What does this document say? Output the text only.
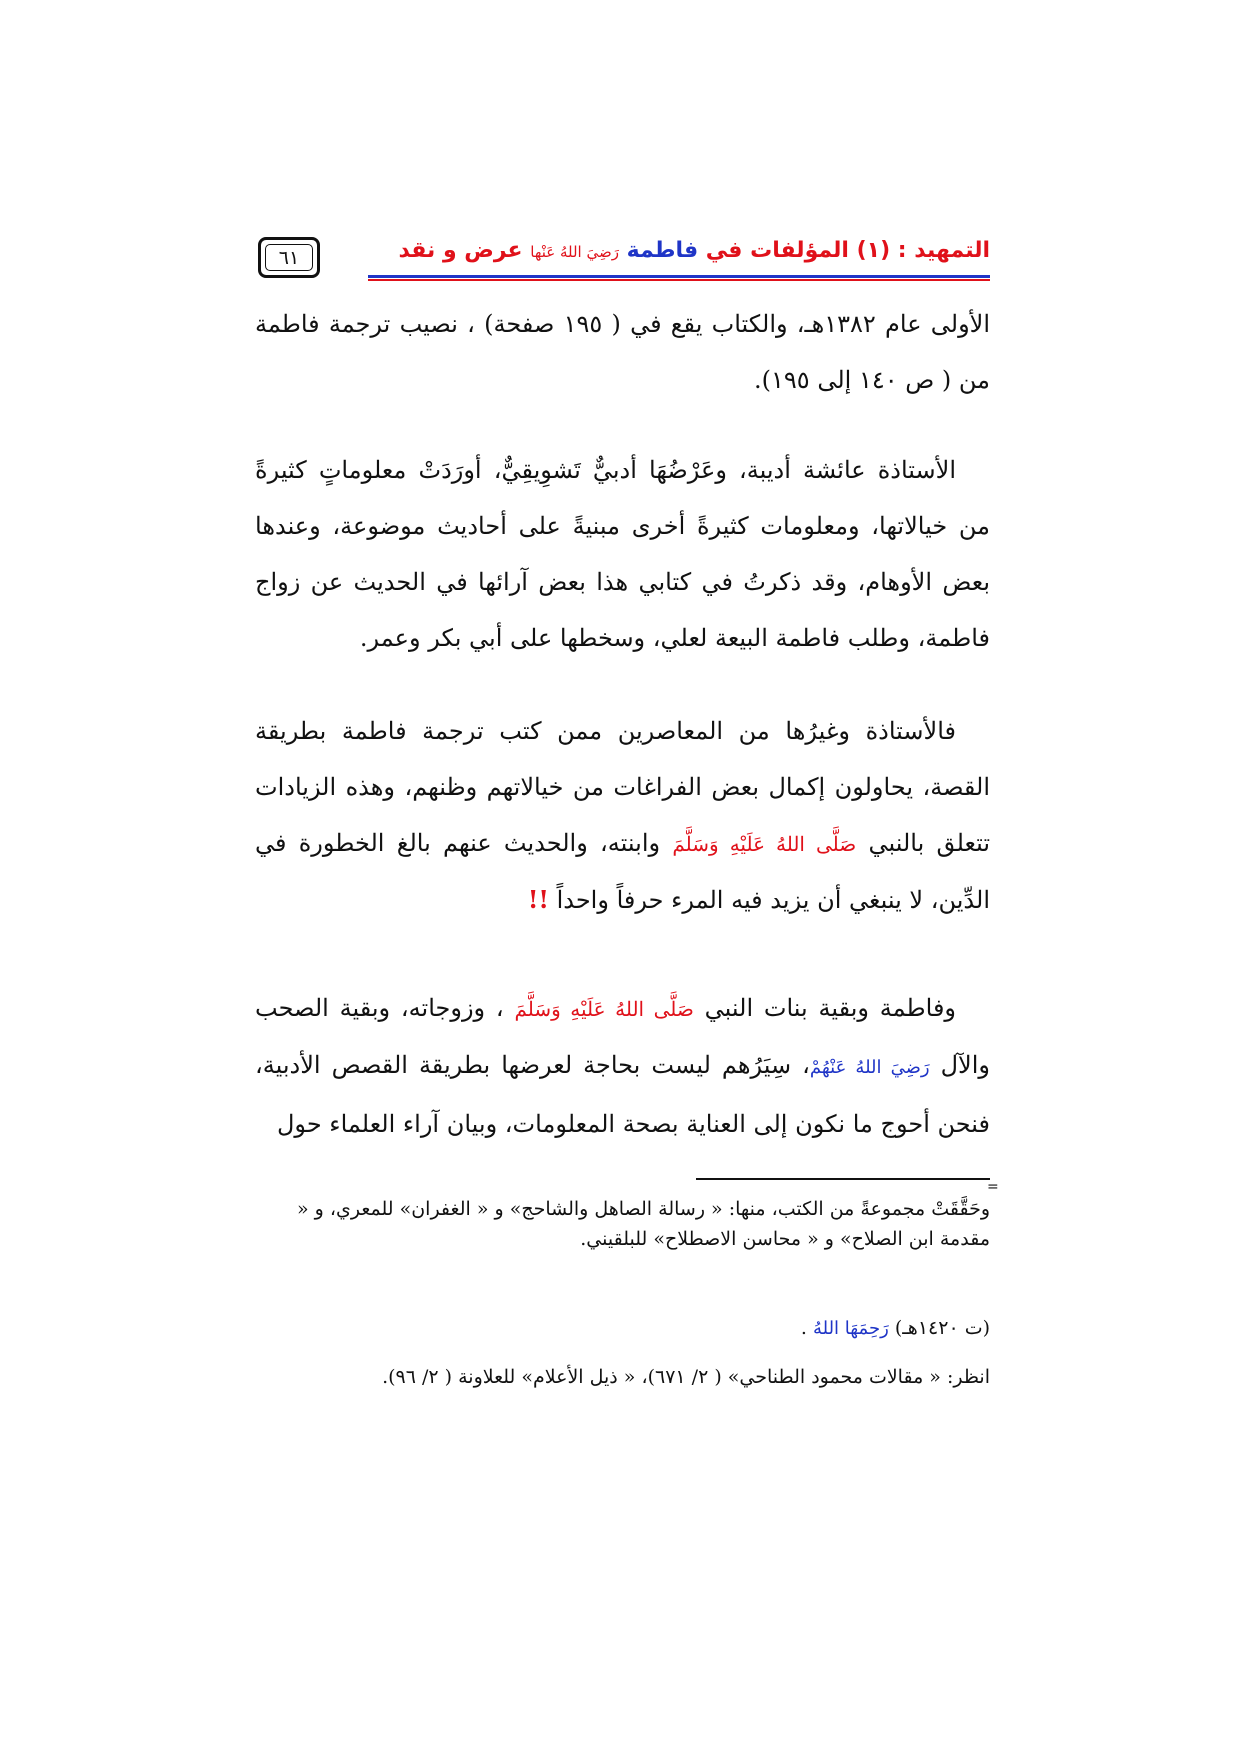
٦١	التمهيد : (١) المؤلفات في فاطمة رَضِيَ اللهُ عَنْها عرض و نقد
الأولى عام ١٣٨٢هـ، والكتاب يقع في ( ١٩٥ صفحة) ، نصيب ترجمة فاطمة من ( ص ١٤٠ إلى ١٩٥).
الأستاذة عائشة أديبة، وعَرْضُهَا أدبيٌّ تَشوِيقِيٌّ، أورَدَتْ معلوماتٍ كثيرةً من خيالاتها، ومعلومات كثيرةً أخرى مبنيةً على أحاديث موضوعة، وعندها بعض الأوهام، وقد ذكرتُ في كتابي هذا بعض آرائها في الحديث عن زواج فاطمة، وطلب فاطمة البيعة لعلي، وسخطها على أبي بكر وعمر.
فالأستاذة وغيرُها من المعاصرين ممن كتب ترجمة فاطمة بطريقة القصة، يحاولون إكمال بعض الفراغات من خيالاتهم وظنهم، وهذه الزيادات تتعلق بالنبي صَلَّى اللهُ عَلَيْهِ وَسَلَّمَ وابنته، والحديث عنهم بالغ الخطورة في الدِّين، لا ينبغي أن يزيد فيه المرء حرفاً واحداً !!
وفاطمة وبقية بنات النبي صَلَّى اللهُ عَلَيْهِ وَسَلَّمَ ، وزوجاته، وبقية الصحب والآل رَضِيَ اللهُ عَنْهُمْ، سِيَرُهم ليست بحاجة لعرضها بطريقة القصص الأدبية، فنحن أحوج ما نكون إلى العناية بصحة المعلومات، وبيان آراء العلماء حول
=
وحَقَّقَتْ مجموعةً من الكتب، منها: « رسالة الصاهل والشاحج» و « الغفران» للمعري، و « مقدمة ابن الصلاح» و « محاسن الاصطلاح» للبلقيني.
(ت ١٤٢٠هـ) رَحِمَهَا اللهُ .
انظر: « مقالات محمود الطناحي» ( ٢/ ٦٧١)، « ذيل الأعلام» للعلاونة ( ٢/ ٩٦).
